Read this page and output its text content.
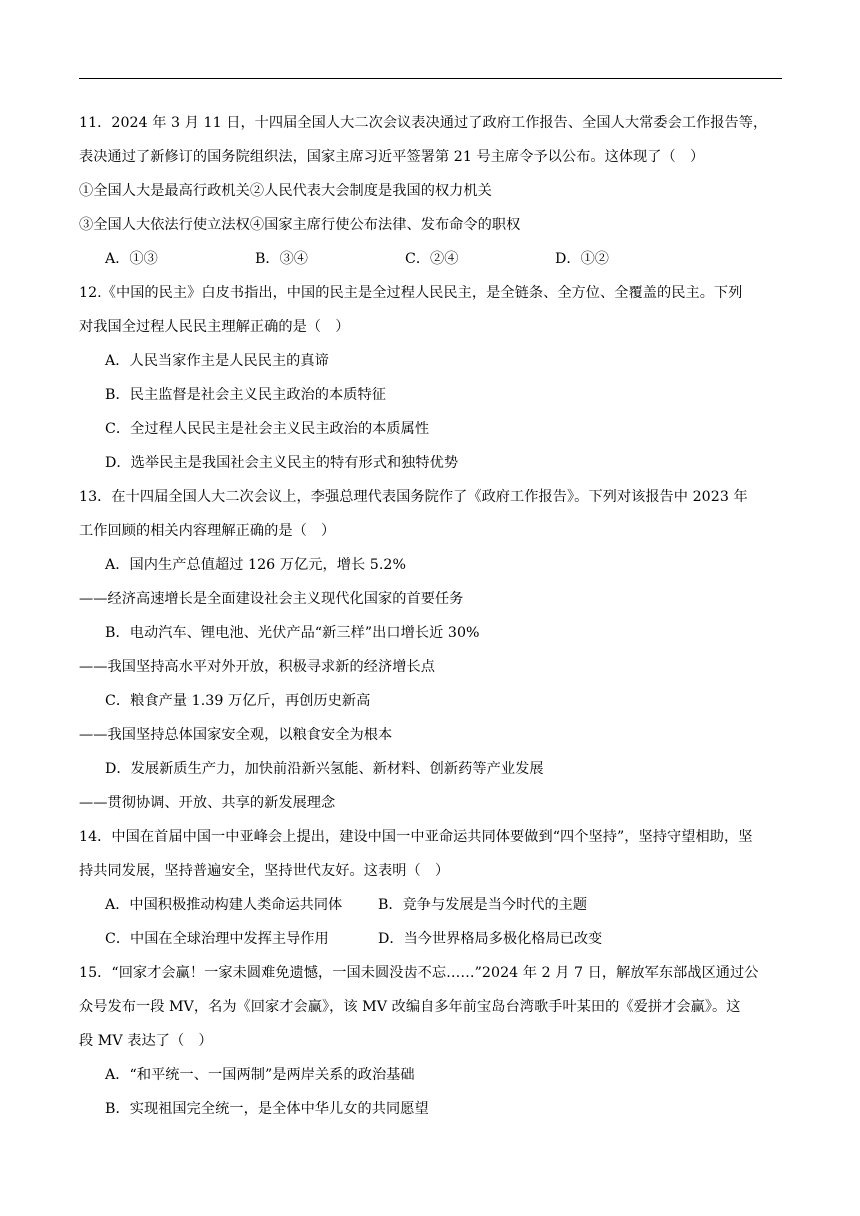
11．2024 年 3 月 11 日，十四届全国人大二次会议表决通过了政府工作报告、全国人大常委会工作报告等，
表决通过了新修订的国务院组织法，国家主席习近平签署第 21 号主席令予以公布。这体现了（　）
①全国人大是最高行政机关②人民代表大会制度是我国的权力机关
③全国人大依法行使立法权④国家主席行使公布法律、发布命令的职权
A．①③	B．③④	C．②④	D．①②
12.《中国的民主》白皮书指出，中国的民主是全过程人民民主，是全链条、全方位、全覆盖的民主。下列
对我国全过程人民民主理解正确的是（　）
A．人民当家作主是人民民主的真谛
B．民主监督是社会主义民主政治的本质特征
C．全过程人民民主是社会主义民主政治的本质属性
D．选举民主是我国社会主义民主的特有形式和独特优势
13．在十四届全国人大二次会议上，李强总理代表国务院作了《政府工作报告》。下列对该报告中 2023 年
工作回顾的相关内容理解正确的是（　）
A．国内生产总值超过 126 万亿元，增长 5.2%
——经济高速增长是全面建设社会主义现代化国家的首要任务
B．电动汽车、锂电池、光伏产品“新三样”出口增长近 30%
——我国坚持高水平对外开放，积极寻求新的经济增长点
C．粮食产量 1.39 万亿斤，再创历史新高
——我国坚持总体国家安全观，以粮食安全为根本
D．发展新质生产力，加快前沿新兴氢能、新材料、创新药等产业发展
——贯彻协调、开放、共享的新发展理念
14．中国在首届中国一中亚峰会上提出，建设中国一中亚命运共同体要做到“四个坚持”，坚持守望相助，坚
持共同发展，坚持普遍安全，坚持世代友好。这表明（　）
A．中国积极推动构建人类命运共同体	B．竞争与发展是当今时代的主题
C．中国在全球治理中发挥主导作用	D．当今世界格局多极化格局已改变
15．“回家才会赢！一家未圆难免遗憾，一国未圆没齿不忘……”2024 年 2 月 7 日，解放军东部战区通过公
众号发布一段 MV，名为《回家才会赢》，该 MV 改编自多年前宝岛台湾歌手叶某田的《爱拼才会赢》。这
段 MV 表达了（　）
A．“和平统一、一国两制”是两岸关系的政治基础
B．实现祖国完全统一，是全体中华儿女的共同愿望
